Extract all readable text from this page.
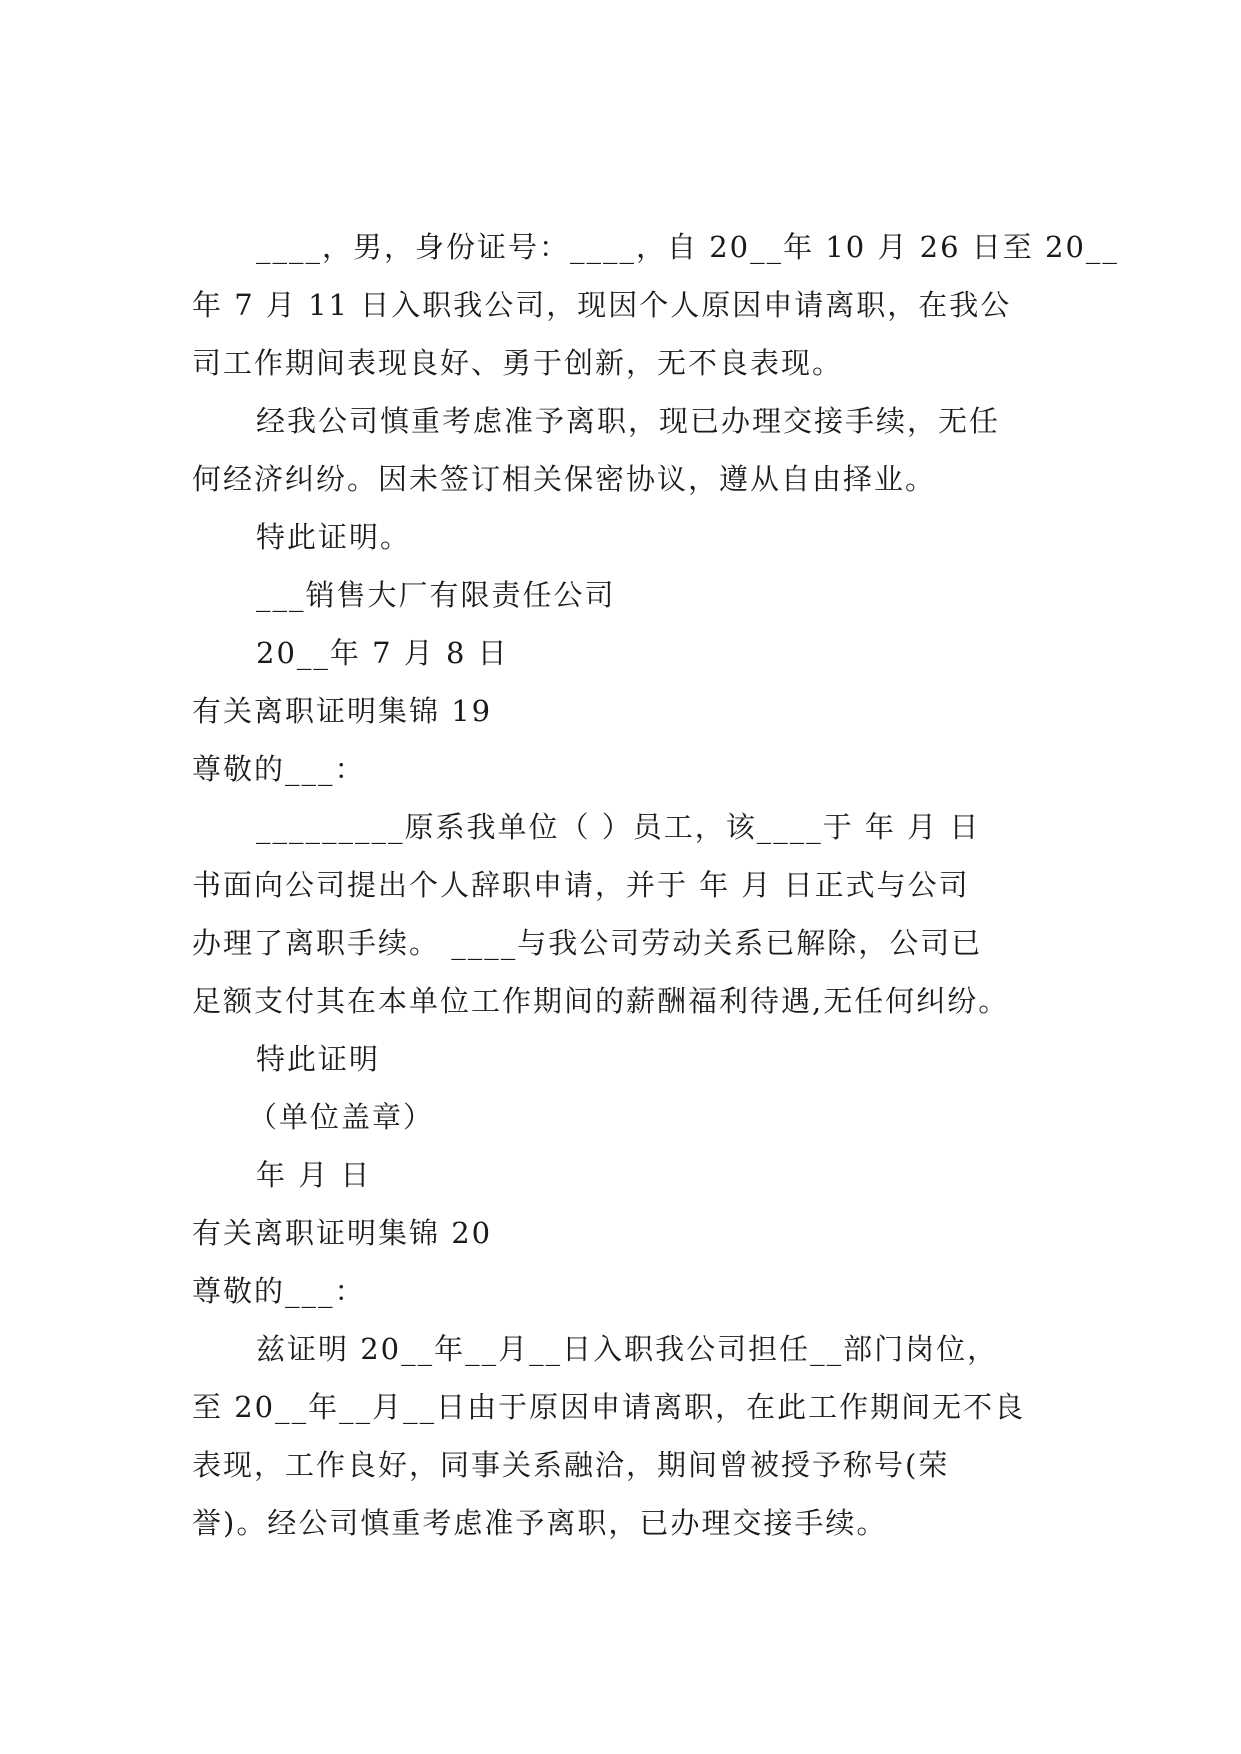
____，男，身份证号：____，自 20__年 10 月 26 日至 20__
年 7 月 11 日入职我公司，现因个人原因申请离职，在我公
司工作期间表现良好、勇于创新，无不良表现。
经我公司慎重考虑准予离职，现已办理交接手续，无任
何经济纠纷。因未签订相关保密协议，遵从自由择业。
特此证明。
___销售大厂有限责任公司
20__年 7 月 8 日
有关离职证明集锦 19
尊敬的___：
_________原系我单位（ ）员工，该____于 年 月 日
书面向公司提出个人辞职申请，并于 年 月 日正式与公司
办理了离职手续。 ____与我公司劳动关系已解除，公司已
足额支付其在本单位工作期间的薪酬福利待遇,无任何纠纷。
特此证明
（单位盖章）
年 月 日
有关离职证明集锦 20
尊敬的___：
兹证明 20__年__月__日入职我公司担任__部门岗位，
至 20__年__月__日由于原因申请离职，在此工作期间无不良
表现，工作良好，同事关系融洽，期间曾被授予称号(荣
誉)。经公司慎重考虑准予离职，已办理交接手续。
